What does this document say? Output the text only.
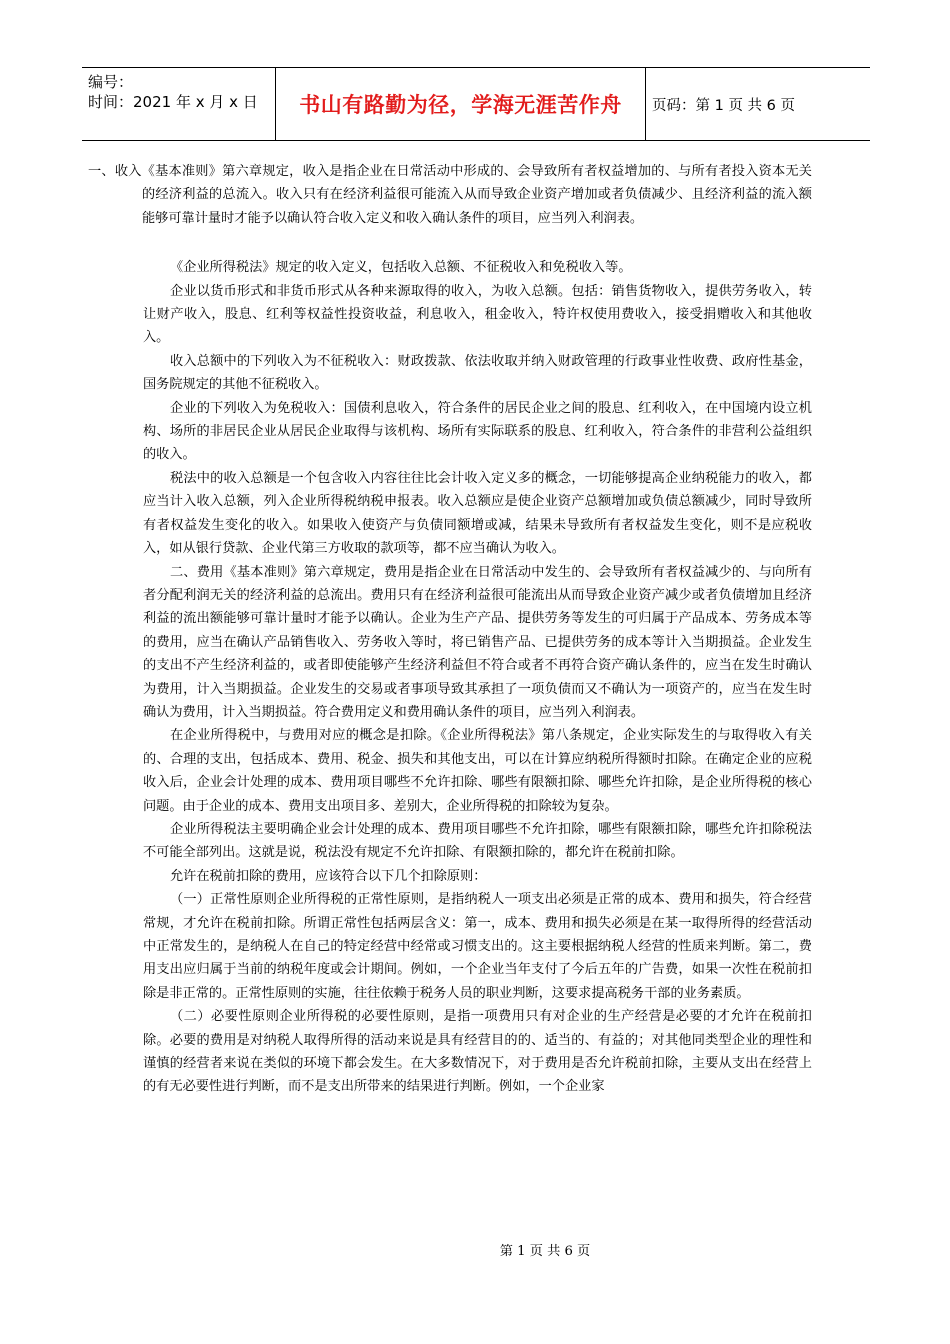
编号：
时间：2021 年 x 月 x 日	书山有路勤为径，学海无涯苦作舟	页码：第 1 页 共 6 页

一、收入《基本准则》第六章规定，收入是指企业在日常活动中形成的、会导致所有者权益增加的、与所有者投入资本无关的经济利益的总流入。收入只有在经济利益很可能流入从而导致企业资产增加或者负债减少、且经济利益的流入额能够可靠计量时才能予以确认符合收入定义和收入确认条件的项目，应当列入利润表。

《企业所得税法》规定的收入定义，包括收入总额、不征税收入和免税收入等。

企业以货币形式和非货币形式从各种来源取得的收入，为收入总额。包括：销售货物收入，提供劳务收入，转让财产收入，股息、红利等权益性投资收益，利息收入，租金收入，特许权使用费收入，接受捐赠收入和其他收入。

收入总额中的下列收入为不征税收入：财政拨款、依法收取并纳入财政管理的行政事业性收费、政府性基金，国务院规定的其他不征税收入。

企业的下列收入为免税收入：国债利息收入，符合条件的居民企业之间的股息、红利收入，在中国境内设立机构、场所的非居民企业从居民企业取得与该机构、场所有实际联系的股息、红利收入，符合条件的非营利公益组织的收入。

税法中的收入总额是一个包含收入内容往往比会计收入定义多的概念，一切能够提高企业纳税能力的收入，都应当计入收入总额，列入企业所得税纳税申报表。收入总额应是使企业资产总额增加或负债总额减少，同时导致所有者权益发生变化的收入。如果收入使资产与负债同额增或减，结果未导致所有者权益发生变化，则不是应税收入，如从银行贷款、企业代第三方收取的款项等，都不应当确认为收入。

二、费用《基本准则》第六章规定，费用是指企业在日常活动中发生的、会导致所有者权益减少的、与向所有者分配利润无关的经济利益的总流出。费用只有在经济利益很可能流出从而导致企业资产减少或者负债增加且经济利益的流出额能够可靠计量时才能予以确认。企业为生产产品、提供劳务等发生的可归属于产品成本、劳务成本等的费用，应当在确认产品销售收入、劳务收入等时，将已销售产品、已提供劳务的成本等计入当期损益。企业发生的支出不产生经济利益的，或者即使能够产生经济利益但不符合或者不再符合资产确认条件的，应当在发生时确认为费用，计入当期损益。企业发生的交易或者事项导致其承担了一项负债而又不确认为一项资产的，应当在发生时确认为费用，计入当期损益。符合费用定义和费用确认条件的项目，应当列入利润表。

在企业所得税中，与费用对应的概念是扣除。《企业所得税法》第八条规定，企业实际发生的与取得收入有关的、合理的支出，包括成本、费用、税金、损失和其他支出，可以在计算应纳税所得额时扣除。在确定企业的应税收入后，企业会计处理的成本、费用项目哪些不允许扣除、哪些有限额扣除、哪些允许扣除，是企业所得税的核心问题。由于企业的成本、费用支出项目多、差别大，企业所得税的扣除较为复杂。

企业所得税法主要明确企业会计处理的成本、费用项目哪些不允许扣除，哪些有限额扣除，哪些允许扣除税法不可能全部列出。这就是说，税法没有规定不允许扣除、有限额扣除的，都允许在税前扣除。

允许在税前扣除的费用，应该符合以下几个扣除原则：

（一）正常性原则企业所得税的正常性原则，是指纳税人一项支出必须是正常的成本、费用和损失，符合经营常规，才允许在税前扣除。所谓正常性包括两层含义：第一，成本、费用和损失必须是在某一取得所得的经营活动中正常发生的，是纳税人在自己的特定经营中经常或习惯支出的。这主要根据纳税人经营的性质来判断。第二，费用支出应归属于当前的纳税年度或会计期间。例如，一个企业当年支付了今后五年的广告费，如果一次性在税前扣除是非正常的。正常性原则的实施，往往依赖于税务人员的职业判断，这要求提高税务干部的业务素质。

（二）必要性原则企业所得税的必要性原则，是指一项费用只有对企业的生产经营是必要的才允许在税前扣除。必要的费用是对纳税人取得所得的活动来说是具有经营目的的、适当的、有益的；对其他同类型企业的理性和谨慎的经营者来说在类似的环境下都会发生。在大多数情况下，对于费用是否允许税前扣除，主要从支出在经营上的有无必要性进行判断，而不是支出所带来的结果进行判断。例如，一个企业家

第 1 页 共 6 页
